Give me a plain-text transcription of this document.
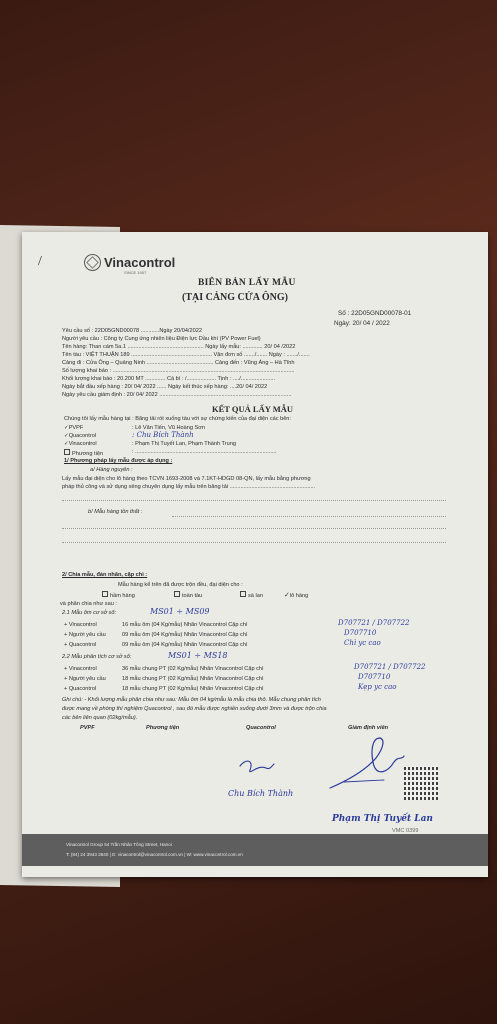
/	Vinacontrol
SINCE 1957
BIÊN BẢN LẤY MẪU
(TẠI CẢNG CỬA ÔNG)
Số : 22D05GND00078-01
Ngày: 20/ 04 / 2022
Yêu cầu số : 22D05GND00078 ............Ngày 20/04/2022
Người yêu cầu : Công ty Cung ứng nhiên liệu Điện lực Dầu khí (PV Power Fuel)
Tên hàng: Than cám 5a.1 ................................................. Ngày lấy mẫu: ............. 20/ 04 /2022
Tên tàu : VIỆT THUẬN 189 .................................................... Vận đơn số ......./....... Ngày : ......./.......
Cảng đi : Cửa Ông – Quảng Ninh ........................................... Cảng đến : Vũng Áng – Hà Tĩnh
Số lượng khai báo : .....................................................................................................................
Khối lượng khai báo : 20.200 MT ............. Cá bì : /................... Tịnh : ..../......................
Ngày bắt đầu xếp hàng : 20/ 04/ 2022 ...... Ngày kết thúc xếp hàng: ....20/ 04/ 2022
Ngày yêu cầu giám định : 20/ 04/ 2022 .....................................................................................
KẾT QUẢ LẤY MẪU
Chúng tôi lấy mẫu hàng tại : Bãng tải rót xuống tàu với sự chứng kiến của đại diện các bên:
✓PVPF	: Lê Văn Tiến, Vũ Hoàng Sơn
✓Quacontrol	: Chu Bích Thành
✓Vinacontrol	: Phạm Thị Tuyết Lan, Phạm Thành Trung
Phương tiện	: ...........................................................................................
1/ Phương pháp lấy mẫu được áp dụng :
a/ Hàng nguyên :
Lấy mẫu đại diện cho lô hàng theo TCVN 1693-2008 và 7.1KT-HDGD 08-QN, lấy mẫu bằng phương
pháp thủ công và sử dụng xẻng chuyên dụng lấy mẫu trên băng tải .......................................................
b/ Mẫu hàng tồn thất :
2/ Chia mẫu, đán nhãn, cặp chì :
Mẫu hàng kể trên đã được trộn đều, đại diện cho :
hầm hàng	toàn tàu	sà lan	✓lô hàng
và phân chia như sau :
2.1 Mẫu ôm cơ sở số:	MS01 ÷ MS09
+ Vinacontrol	16 mẫu ôm (04 Kg/mẫu) Nhãn Vinacontrol Cặp chì	D707721 / D707722
+ Người yêu cầu	09 mẫu ôm (04 Kg/mẫu) Nhãn Vinacontrol Cặp chì	D707710
+ Quacontrol	09 mẫu ôm (04 Kg/mẫu) Nhãn Vinacontrol Cặp chì	Chì yc cao
2.2 Mẫu phân tích cơ sở số:	MS01 ÷ MS18
+ Vinacontrol	36 mẫu chung PT (02 Kg/mẫu) Nhãn Vinacontrol Cặp chì	D707721 / D707722
+ Người yêu cầu	18 mẫu chung PT (02 Kg/mẫu) Nhãn Vinacontrol Cặp chì	D707710
+ Quacontrol	18 mẫu chung PT (02 Kg/mẫu) Nhãn Vinacontrol Cặp chì	Kẹp yc cao
Ghi chú: - Khối lượng mẫu phân chia như sau: Mẫu ôm 04 kg/mẫu là mẫu chia thô. Mẫu chung phân tích
được mang về phòng thí nghiệm Quacontrol , sau đó mẫu được nghiền xuống dưới 3mm và được trộn chia
các bên liên quan (02kg/mẫu).
PVPF	Phương tiện	Quacontrol	Giám định viên
Chu Bích Thành
Phạm Thị Tuyết Lan
VMC 0399
Vinacontrol Group 54 Trần Nhân Tông Street, Hanoi
T: (84) 24 3943 3840 | E: vinacontrol@vinacontrol.com.vn | W: www.vinacontrol.com.vn
